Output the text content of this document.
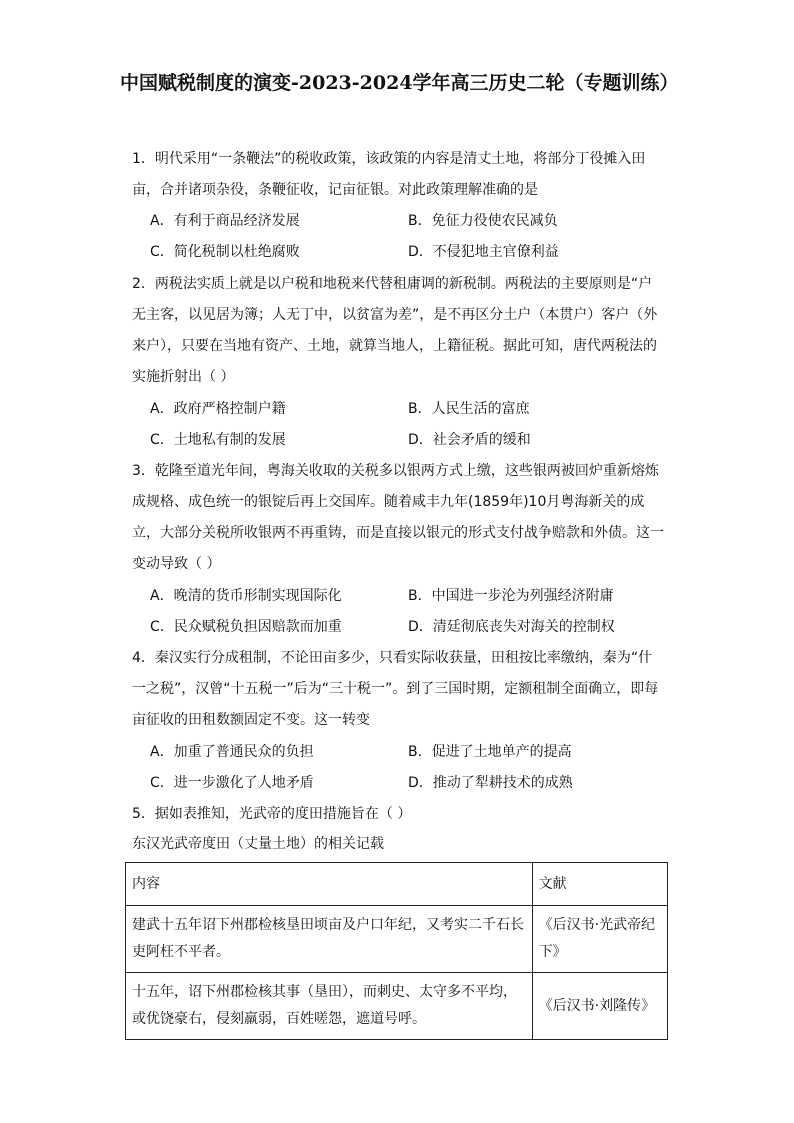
中国赋税制度的演变-2023-2024学年高三历史二轮（专题训练）
1．明代采用“一条鞭法”的税收政策，该政策的内容是清丈土地，将部分丁役摊入田亩，合并诸项杂役，条鞭征收，记亩征银。对此政策理解准确的是
A．有利于商品经济发展	B．免征力役使农民减负
C．简化税制以杜绝腐败	D．不侵犯地主官僚利益
2．两税法实质上就是以户税和地税来代替租庸调的新税制。两税法的主要原则是“户无主客，以见居为簿；人无丁中，以贫富为差”，是不再区分土户（本贯户）客户（外来户），只要在当地有资产、土地，就算当地人，上籍征税。据此可知，唐代两税法的实施折射出（ ）
A．政府严格控制户籍	B．人民生活的富庶
C．土地私有制的发展	D．社会矛盾的缓和
3．乾隆至道光年间，粤海关收取的关税多以银两方式上缴，这些银两被回炉重新熔炼成规格、成色统一的银锭后再上交国库。随着咸丰九年(1859年)10月粤海新关的成立，大部分关税所收银两不再重铸，而是直接以银元的形式支付战争赔款和外债。这一变动导致（ ）
A．晚清的货币形制实现国际化	B．中国进一步沦为列强经济附庸
C．民众赋税负担因赔款而加重	D．清廷彻底丧失对海关的控制权
4．秦汉实行分成租制，不论田亩多少，只看实际收获量，田租按比率缴纳，秦为“什一之税”，汉曾“十五税一”后为“三十税一”。到了三国时期，定额租制全面确立，即每亩征收的田租数额固定不变。这一转变
A．加重了普通民众的负担	B．促进了土地单产的提高
C．进一步激化了人地矛盾	D．推动了犁耕技术的成熟
5．据如表推知，光武帝的度田措施旨在（ ）
东汉光武帝度田（丈量土地）的相关记载
内容	文献
建武十五年诏下州郡检核垦田顷亩及户口年纪，又考实二千石长吏阿枉不平者。	《后汉书·光武帝纪下》
十五年，诏下州郡检核其事（垦田），而刺史、太守多不平均，或优饶豪右，侵刻羸弱，百姓嗟怨，遮道号呼。	《后汉书·刘隆传》
